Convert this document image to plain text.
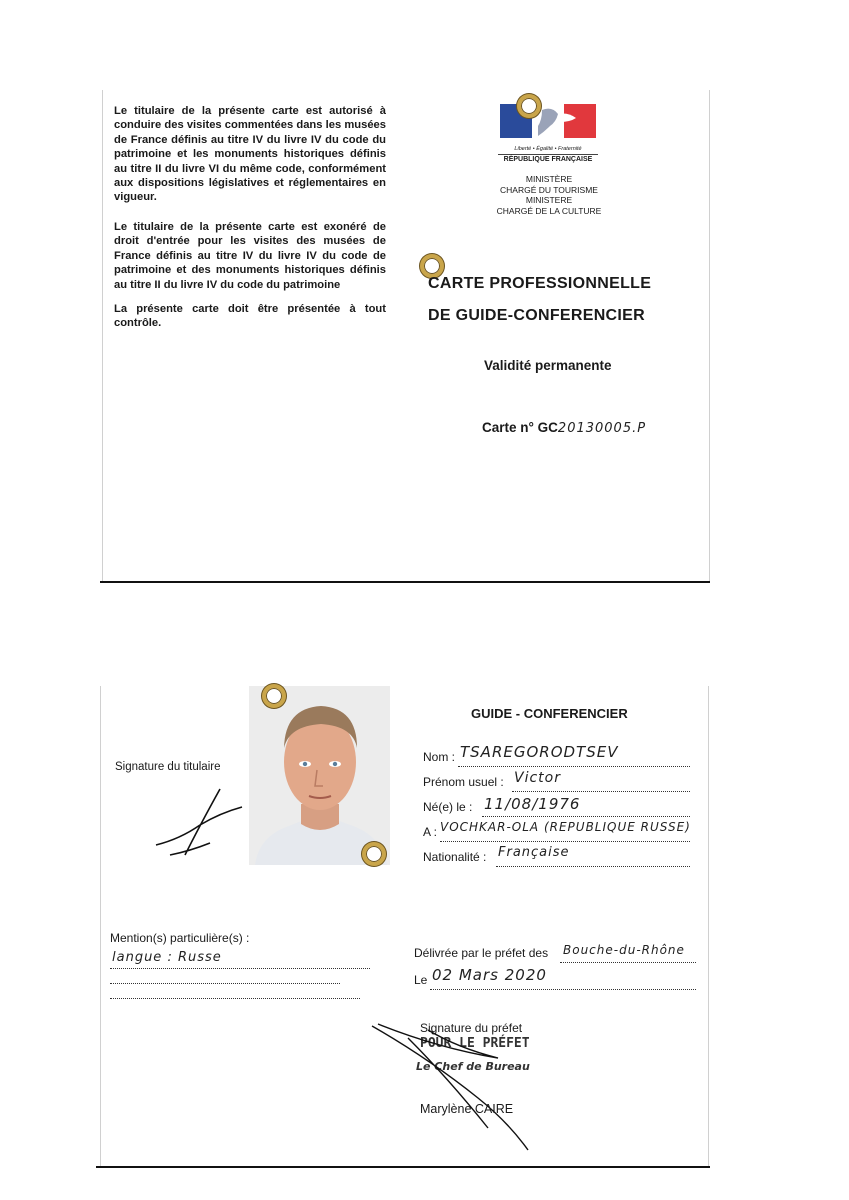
Le titulaire de la présente carte est autorisé à conduire des visites commentées dans les musées de France définis au titre IV du livre IV du code du patrimoine et les monuments historiques définis au titre II du livre VI du même code, conformément aux dispositions législatives et réglementaires en vigueur.

Le titulaire de la présente carte est exonéré de droit d'entrée pour les visites des musées de France définis au titre IV du livre IV du code de patrimoine et des monuments historiques définis au titre II du livre IV du code du patrimoine

La présente carte doit être présentée à tout contrôle.

Liberté • Égalité • Fraternité
RÉPUBLIQUE FRANÇAISE
MINISTÈRE
CHARGÉ DU TOURISME
MINISTERE
CHARGÉ DE LA CULTURE
CARTE PROFESSIONNELLE
DE GUIDE-CONFERENCIER
Validité permanente
Carte n° GC20130005.P
GUIDE - CONFERENCIER
Signature du titulaire
Nom : TSAREGORODTSEV
Prénom usuel : Victor
Né(e) le : 11/08/1976
A : VOCHKAR-OLA (REPUBLIQUE RUSSE)
Nationalité : Française
Mention(s) particulière(s) :
langue : Russe	Délivrée par le préfet des Bouche-du-Rhône
Le 02 Mars 2020
Signature du préfet
POUR LE PRÉFET
Le Chef de Bureau
Marylène CAIRE
